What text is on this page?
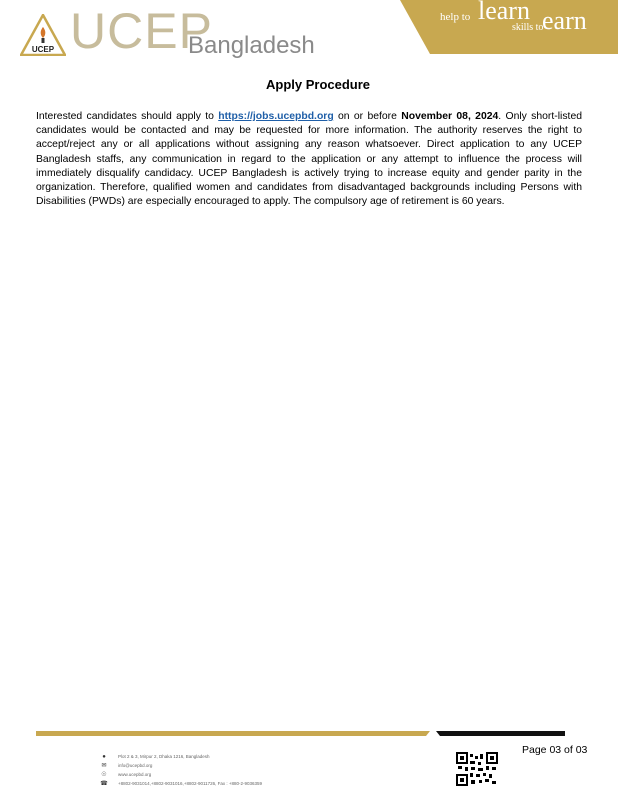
UCEP UCEP
Bangladesh
help to learn
skills to
earn
Apply Procedure
Interested candidates should apply to https://jobs.ucepbd.org on or before November 08, 2024. Only short-listed candidates would be contacted and may be requested for more information. The authority reserves the right to accept/reject any or all applications without assigning any reason whatsoever. Direct application to any UCEP Bangladesh staffs, any communication in regard to the application or any attempt to influence the process will immediately disqualify candidacy. UCEP Bangladesh is actively trying to increase equity and gender parity in the organization. Therefore, qualified women and candidates from disadvantaged backgrounds including Persons with Disabilities (PWDs) are especially encouraged to apply. The compulsory age of retirement is 60 years.
●	Plot 2 & 3, Mirpur 2, Dhaka 1216, Bangladesh
✉	info@ucepbd.org
☉	www.ucepbd.org
☎ +8802-9031014,+8802-9031016,+8802-9011726, Fax : +880-2-9036359
Page 03 of 03
